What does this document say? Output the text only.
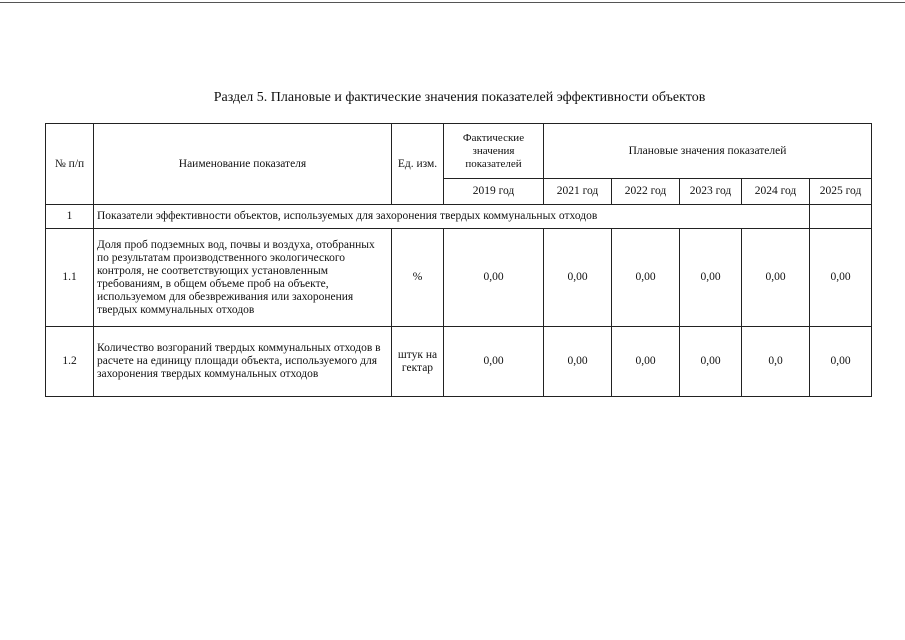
Раздел 5. Плановые и фактические значения показателей эффективности объектов
№ п/п	Наименование показателя	Ед. изм.	Фактические значения показателей	Плановые значения показателей				
			2019 год	2021 год	2022 год	2023 год	2024 год	2025 год
1	Показатели эффективности объектов, используемых для захоронения твердых коммунальных отходов							
1.1	Доля проб подземных вод, почвы и воздуха, отобранных по результатам производственного экологического контроля, не соответствующих установленным требованиям, в общем объеме проб на объекте, используемом для обезвреживания или захоронения твердых коммунальных отходов	%	0,00	0,00	0,00	0,00	0,00	0,00
1.2	Количество возгораний твердых коммунальных отходов в расчете на единицу площади объекта, используемого для захоронения твердых коммунальных отходов	штук на гектар	0,00	0,00	0,00	0,00	0,0	0,00
